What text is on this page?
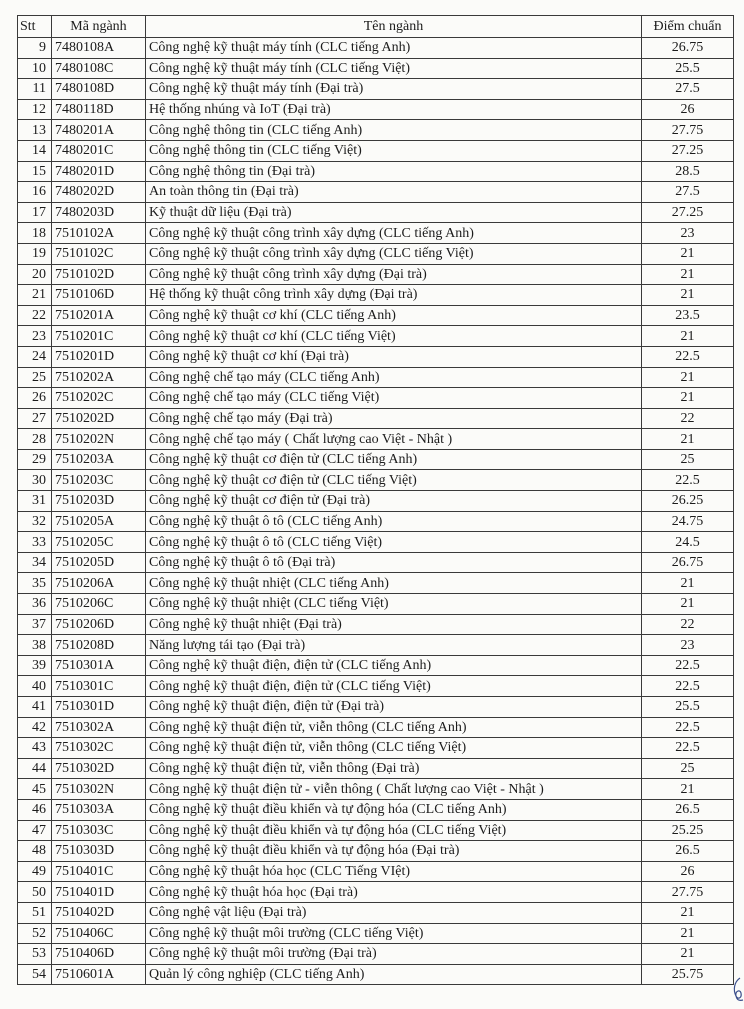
Stt	Mã ngành	Tên ngành	Điểm chuẩn
9	7480108A	Công nghệ kỹ thuật máy tính (CLC tiếng Anh)	26.75
10	7480108C	Công nghệ kỹ thuật máy tính (CLC tiếng Việt)	25.5
11	7480108D	Công nghệ kỹ thuật máy tính (Đại trà)	27.5
12	7480118D	Hệ thống nhúng và IoT (Đại trà)	26
13	7480201A	Công nghệ thông tin (CLC tiếng Anh)	27.75
14	7480201C	Công nghệ thông tin (CLC tiếng Việt)	27.25
15	7480201D	Công nghệ thông tin (Đại trà)	28.5
16	7480202D	An toàn thông tin (Đại trà)	27.5
17	7480203D	Kỹ thuật dữ liệu (Đại trà)	27.25
18	7510102A	Công nghệ kỹ thuật công trình xây dựng (CLC tiếng Anh)	23
19	7510102C	Công nghệ kỹ thuật công trình xây dựng (CLC tiếng Việt)	21
20	7510102D	Công nghệ kỹ thuật công trình xây dựng (Đại trà)	21
21	7510106D	Hệ thống kỹ thuật công trình xây dựng (Đại trà)	21
22	7510201A	Công nghệ kỹ thuật cơ khí (CLC tiếng Anh)	23.5
23	7510201C	Công nghệ kỹ thuật cơ khí (CLC tiếng Việt)	21
24	7510201D	Công nghệ kỹ thuật cơ khí (Đại trà)	22.5
25	7510202A	Công nghệ chế tạo máy (CLC tiếng Anh)	21
26	7510202C	Công nghệ chế tạo máy (CLC tiếng Việt)	21
27	7510202D	Công nghệ chế tạo máy (Đại trà)	22
28	7510202N	Công nghệ chế tạo máy ( Chất lượng cao Việt - Nhật )	21
29	7510203A	Công nghệ kỹ thuật cơ điện tử (CLC tiếng Anh)	25
30	7510203C	Công nghệ kỹ thuật cơ điện tử (CLC tiếng Việt)	22.5
31	7510203D	Công nghệ kỹ thuật cơ điện tử (Đại trà)	26.25
32	7510205A	Công nghệ kỹ thuật ô tô (CLC tiếng Anh)	24.75
33	7510205C	Công nghệ kỹ thuật ô tô (CLC tiếng Việt)	24.5
34	7510205D	Công nghệ kỹ thuật ô tô (Đại trà)	26.75
35	7510206A	Công nghệ kỹ thuật nhiệt (CLC tiếng Anh)	21
36	7510206C	Công nghệ kỹ thuật nhiệt (CLC tiếng Việt)	21
37	7510206D	Công nghệ kỹ thuật nhiệt (Đại trà)	22
38	7510208D	Năng lượng tái tạo (Đại trà)	23
39	7510301A	Công nghệ kỹ thuật điện, điện tử (CLC tiếng Anh)	22.5
40	7510301C	Công nghệ kỹ thuật điện, điện tử (CLC tiếng Việt)	22.5
41	7510301D	Công nghệ kỹ thuật điện, điện tử (Đại trà)	25.5
42	7510302A	Công nghệ kỹ thuật điện tử, viễn thông (CLC tiếng Anh)	22.5
43	7510302C	Công nghệ kỹ thuật điện tử, viễn thông (CLC tiếng Việt)	22.5
44	7510302D	Công nghệ kỹ thuật điện tử, viễn thông (Đại trà)	25
45	7510302N	Công nghệ kỹ thuật điện tử - viễn thông ( Chất lượng cao Việt - Nhật )	21
46	7510303A	Công nghệ kỹ thuật điều khiển và tự động hóa (CLC tiếng Anh)	26.5
47	7510303C	Công nghệ kỹ thuật điều khiển và tự động hóa (CLC tiếng Việt)	25.25
48	7510303D	Công nghệ kỹ thuật điều khiển và tự động hóa (Đại trà)	26.5
49	7510401C	Công nghệ kỹ thuật hóa học (CLC Tiếng VIệt)	26
50	7510401D	Công nghệ kỹ thuật hóa học (Đại trà)	27.75
51	7510402D	Công nghệ vật liệu (Đại trà)	21
52	7510406C	Công nghệ kỹ thuật môi trường (CLC tiếng Việt)	21
53	7510406D	Công nghệ kỹ thuật môi trường (Đại trà)	21
54	7510601A	Quản lý công nghiệp (CLC tiếng Anh)	25.75
